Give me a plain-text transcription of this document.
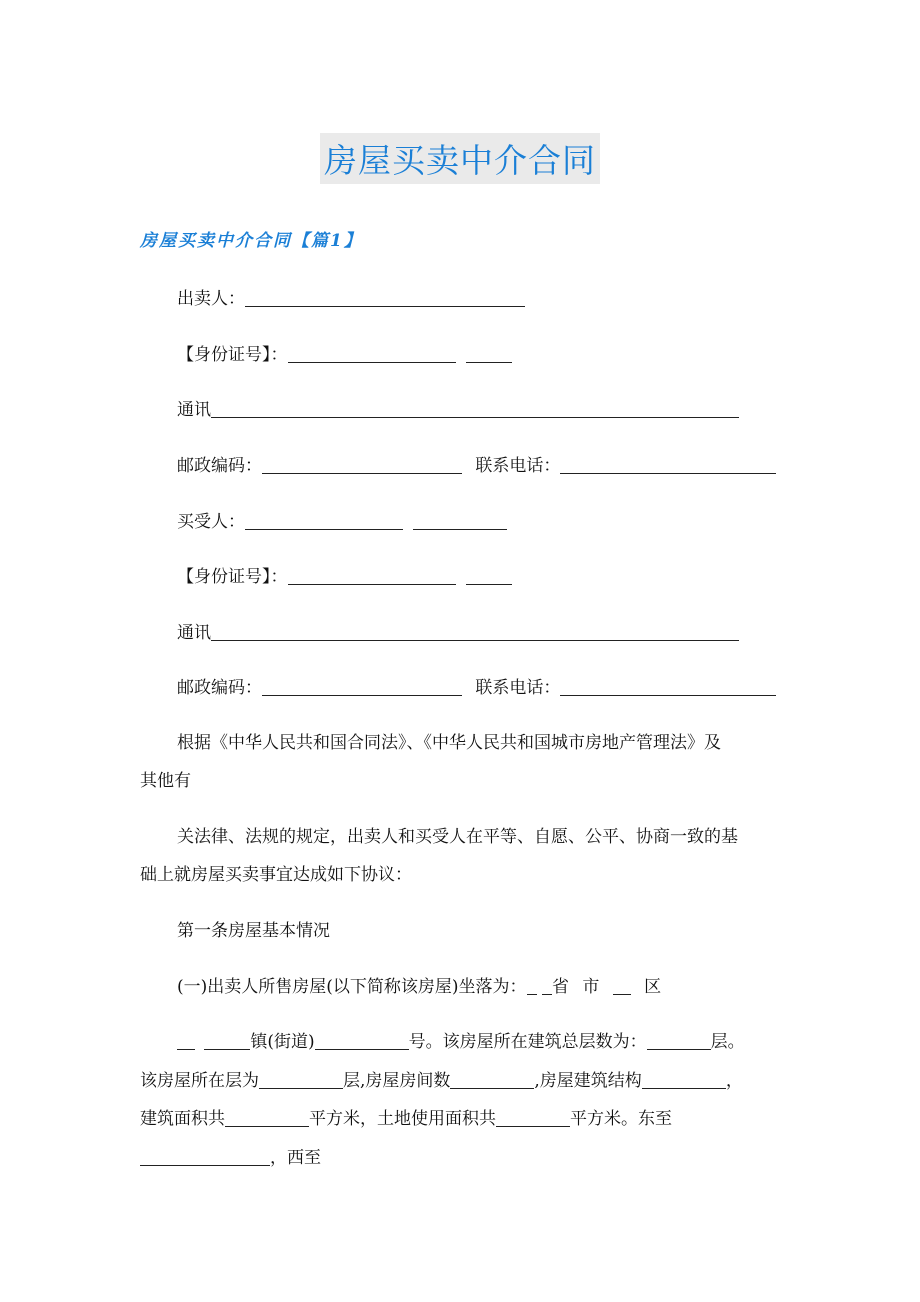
房屋买卖中介合同
房屋买卖中介合同【篇1】
出卖人：
【身份证号】：
通讯
邮政编码：	联系电话：
买受人：
【身份证号】：
通讯
邮政编码：	联系电话：
根据《中华人民共和国合同法》、《中华人民共和国城市房地产管理法》及
其他有
关法律、法规的规定，出卖人和买受人在平等、自愿、公平、协商一致的基
础上就房屋买卖事宜达成如下协议：
第一条房屋基本情况
(一)出卖人所售房屋(以下简称该房屋)坐落为： 省 市	区
镇(街道)	号。该房屋所在建筑总层数为：	层。
该房屋所在层为	层,房屋房间数	,房屋建筑结构	，
建筑面积共	平方米，土地使用面积共	平方米。东至
，西至
